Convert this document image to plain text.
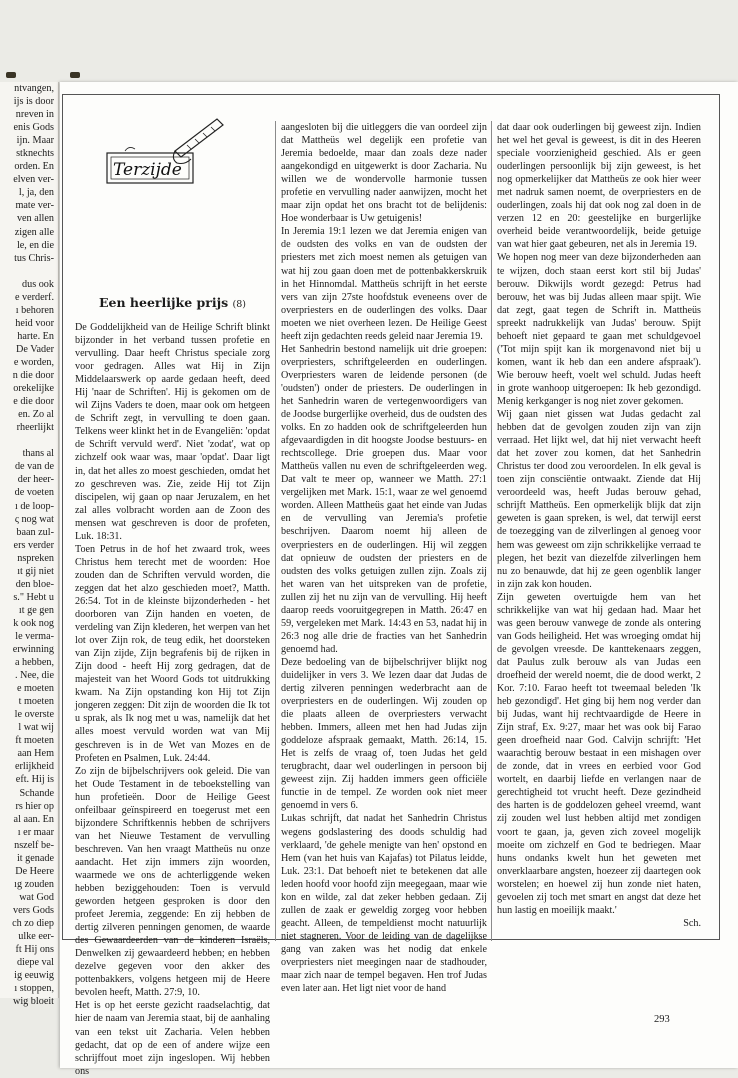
ntvangen,
ijs is door
nreven in
enis Gods
ijn. Maar
stknechts
orden. En
elven ver-
l, ja, den
mate ver-
ven allen
zigen alle
le, en die
tus Chris-
dus ook
e verderf.
ı behoren
heid voor
harte. En
De Vader
e worden,
n die door
orekelijke
e die door
en. Zo al
rheerlijkt
thans al
de van de
der heer-
de voeten
ı de loop-
ς nog wat
baan zul-
ers verder
nspreken
ıt gij niet
den bloe-
s." Hebt u
ıt ge gen
k ook nog
le verma-
erwinning
a hebben,
. Nee, die
e moeten
t moeten
le overste
l wat wij
ft moeten
aan Hem
erlijkheid
eft. Hij is
Schande
rs hier op
al aan. En
ı er maar
nszelf be-
it genade
De Heere
ıg zouden
wat God
vers Gods
ch zo diep
ulke eer-
ft Hij ons
diepe val
ig eeuwig
ı stoppen,
wig bloeit
Terzijde
Een heerlijke prijs (8)

De Goddelijkheid van de Heilige Schrift blinkt bijzonder in het verband tussen profetie en vervulling. Daar heeft Christus speciale zorg voor gedragen. Alles wat Hij in Zijn Middelaarswerk op aarde gedaan heeft, deed Hij 'naar de Schriften'. Hij is gekomen om de wil Zijns Vaders te doen, maar ook om hetgeen de Schrift zegt, in vervulling te doen gaan. Telkens weer klinkt het in de Evangeliën: 'opdat de Schrift vervuld werd'. Niet 'zodat', wat op zichzelf ook waar was, maar 'opdat'. Daar ligt in, dat het alles zo moest geschieden, omdat het zo geschreven was. Zie, zeide Hij tot Zijn discipelen, wij gaan op naar Jeruzalem, en het zal alles volbracht worden aan de Zoon des mensen wat geschreven is door de profeten, Luk. 18:31.

Toen Petrus in de hof het zwaard trok, wees Christus hem terecht met de woorden: Hoe zouden dan de Schriften vervuld worden, die zeggen dat het alzo geschieden moet?, Matth. 26:54. Tot in de kleinste bijzonderheden - het doorboren van Zijn handen en voeten, de verdeling van Zijn klederen, het werpen van het lot over Zijn rok, de teug edik, het doorsteken van Zijn zijde, Zijn begrafenis bij de rijken in Zijn dood - heeft Hij zorg gedragen, dat de majesteit van het Woord Gods tot uitdrukking kwam. Na Zijn opstanding kon Hij tot Zijn jongeren zeggen: Dit zijn de woorden die Ik tot u sprak, als Ik nog met u was, namelijk dat het alles moest vervuld worden wat van Mij geschreven is in de Wet van Mozes en de Profeten en Psalmen, Luk. 24:44.

Zo zijn de bijbelschrijvers ook geleid. Die van het Oude Testament in de teboekstelling van hun profetieën. Door de Heilige Geest onfeilbaar geïnspireerd en toegerust met een bijzondere Schriftkennis hebben de schrijvers van het Nieuwe Testament de vervulling beschreven. Van hen vraagt Mattheüs nu onze aandacht. Het zijn immers zijn woorden, waarmede we ons de achterliggende weken hebben beziggehouden: Toen is vervuld geworden hetgeen gesproken is door den profeet Jeremia, zeggende: En zij hebben de dertig zilveren penningen genomen, de waarde des Gewaardeerden van de kinderen Israëls, Denwelken zij gewaardeerd hebben; en hebben dezelve gegeven voor den akker des pottenbakkers, volgens hetgeen mij de Heere bevolen heeft, Matth. 27:9, 10.

Het is op het eerste gezicht raadselachtig, dat hier de naam van Jeremia staat, bij de aanhaling van een tekst uit Zacharia. Velen hebben gedacht, dat op de een of andere wijze een schrijffout moet zijn ingeslopen. Wij hebben ons

aangesloten bij die uitleggers die van oordeel zijn dat Mattheüs wel degelijk een profetie van Jeremia bedoelde, maar dan zoals deze nader aangekondigd en uitgewerkt is door Zacharia. Nu willen we de wondervolle harmonie tussen profetie en vervulling nader aanwijzen, mocht het maar zijn opdat het ons bracht tot de belijdenis: Hoe wonderbaar is Uw getuigenis!

In Jeremia 19:1 lezen we dat Jeremia enigen van de oudsten des volks en van de oudsten der priesters met zich moest nemen als getuigen van wat hij zou gaan doen met de pottenbakkerskruik in het Hinnomdal. Mattheüs schrijft in het eerste vers van zijn 27ste hoofdstuk eveneens over de overpriesters en de ouderlingen des volks. Daar moeten we niet overheen lezen. De Heilige Geest heeft zijn gedachten reeds geleid naar Jeremia 19.

Het Sanhedrin bestond namelijk uit drie groepen: overpriesters, schriftgeleerden en ouderlingen. Overpriesters waren de leidende personen (de 'oudsten') onder de priesters. De ouderlingen in het Sanhedrin waren de vertegenwoordigers van de Joodse burgerlijke overheid, dus de oudsten des volks. En zo hadden ook de schriftgeleerden hun afgevaardigden in dit hoogste Joodse bestuurs- en rechtscollege. Drie groepen dus. Maar voor Mattheüs vallen nu even de schriftgeleerden weg. Dat valt te meer op, wanneer we Matth. 27:1 vergelijken met Mark. 15:1, waar ze wel genoemd worden. Alleen Mattheüs gaat het einde van Judas en de vervulling van Jeremia's profetie beschrijven. Daarom noemt hij alleen de overpriesters en de ouderlingen. Hij wil zeggen dat opnieuw de oudsten der priesters en de oudsten des volks getuigen zullen zijn. Zoals zij het waren van het uitspreken van de profetie, zullen zij het nu zijn van de vervulling. Hij heeft daarop reeds vooruitgegrepen in Matth. 26:47 en 59, vergeleken met Mark. 14:43 en 53, nadat hij in 26:3 nog alle drie de fracties van het Sanhedrin genoemd had.

Deze bedoeling van de bijbelschrijver blijkt nog duidelijker in vers 3. We lezen daar dat Judas de dertig zilveren penningen wederbracht aan de overpriesters en de ouderlingen. Wij zouden op die plaats alleen de overpriesters verwacht hebben. Immers, alleen met hen had Judas zijn goddeloze afspraak gemaakt, Matth. 26:14, 15. Het is zelfs de vraag of, toen Judas het geld terugbracht, daar wel ouderlingen in persoon bij geweest zijn. Zij hadden immers geen officiële functie in de tempel. Ze worden ook niet meer genoemd in vers 6.

Lukas schrijft, dat nadat het Sanhedrin Christus wegens godslastering des doods schuldig had verklaard, 'de gehele menigte van hen' opstond en Hem (van het huis van Kajafas) tot Pilatus leidde, Luk. 23:1. Dat behoeft niet te betekenen dat alle leden hoofd voor hoofd zijn meegegaan, maar wie kon en wilde, zal dat zeker hebben gedaan. Zij zullen de zaak er geweldig zorgeg voor hebben geacht. Alleen, de tempeldienst mocht natuurlijk niet stagneren. Voor de leiding van de dagelijkse gang van zaken was het nodig dat enkele overpriesters niet meegingen naar de stadhouder, maar zich naar de tempel begaven. Hen trof Judas even later aan. Het ligt niet voor de hand

dat daar ook ouderlingen bij geweest zijn. Indien het wel het geval is geweest, is dit in des Heeren speciale voorzienigheid geschied. Als er geen ouderlingen persoonlijk bij zijn geweest, is het nog opmerkelijker dat Mattheüs ze ook hier weer met nadruk samen noemt, de overpriesters en de ouderlingen, zoals hij dat ook nog zal doen in de verzen 12 en 20: geestelijke en burgerlijke overheid beide verantwoordelijk, beide getuige van wat hier gaat gebeuren, net als in Jeremia 19.

We hopen nog meer van deze bijzonderheden aan te wijzen, doch staan eerst kort stil bij Judas' berouw. Dikwijls wordt gezegd: Petrus had berouw, het was bij Judas alleen maar spijt. Wie dat zegt, gaat tegen de Schrift in. Mattheüs spreekt nadrukkelijk van Judas' berouw. Spijt behoeft niet gepaard te gaan met schuldgevoel ('Tot mijn spijt kan ik morgenavond niet bij u komen, want ik heb dan een andere afspraak'). Wie berouw heeft, voelt wel schuld. Judas heeft in grote wanhoop uitgeroepen: Ik heb gezondigd. Menig kerkganger is nog niet zover gekomen.

Wij gaan niet gissen wat Judas gedacht zal hebben dat de gevolgen zouden zijn van zijn verraad. Het lijkt wel, dat hij niet verwacht heeft dat het zover zou komen, dat het Sanhedrin Christus ter dood zou veroordelen. In elk geval is toen zijn consciëntie ontwaakt. Ziende dat Hij veroordeeld was, heeft Judas berouw gehad, schrijft Mattheüs. Een opmerkelijk blijk dat zijn geweten is gaan spreken, is wel, dat terwijl eerst de toezegging van de zilverlingen al genoeg voor hem was geweest om zijn schrikkelijke verraad te plegen, het bezit van diezelfde zilverlingen hem nu zo benauwde, dat hij ze geen ogenblik langer in zijn zak kon houden.

Zijn geweten overtuigde hem van het schrikkelijke van wat hij gedaan had. Maar het was geen berouw vanwege de zonde als ontering van Gods heiligheid. Het was wroeging omdat hij de gevolgen vreesde. De kanttekenaars zeggen, dat Paulus zulk berouw als van Judas een droefheid der wereld noemt, die de dood werkt, 2 Kor. 7:10. Farao heeft tot tweemaal beleden 'Ik heb gezondigd'. Het ging bij hem nog verder dan bij Judas, want hij rechtvaardigde de Heere in Zijn straf, Ex. 9:27, maar het was ook bij Farao geen droefheid naar God. Calvijn schrijft: 'Het waarachtig berouw bestaat in een mishagen over de zonde, dat in vrees en eerbied voor God wortelt, en daarbij liefde en verlangen naar de gerechtigheid tot vrucht heeft. Deze gezindheid des harten is de goddelozen geheel vreemd, want zij zouden wel lust hebben altijd met zondigen voort te gaan, ja, geven zich zoveel mogelijk moeite om zichzelf en God te bedriegen. Maar huns ondanks kwelt hun het geweten met onverklaarbare angsten, hoezeer zij daartegen ook worstelen; en hoewel zij hun zonde niet haten, gevoelen zij toch met smart en angst dat deze het hun lastig en moeilijk maakt.'

Sch.

293
